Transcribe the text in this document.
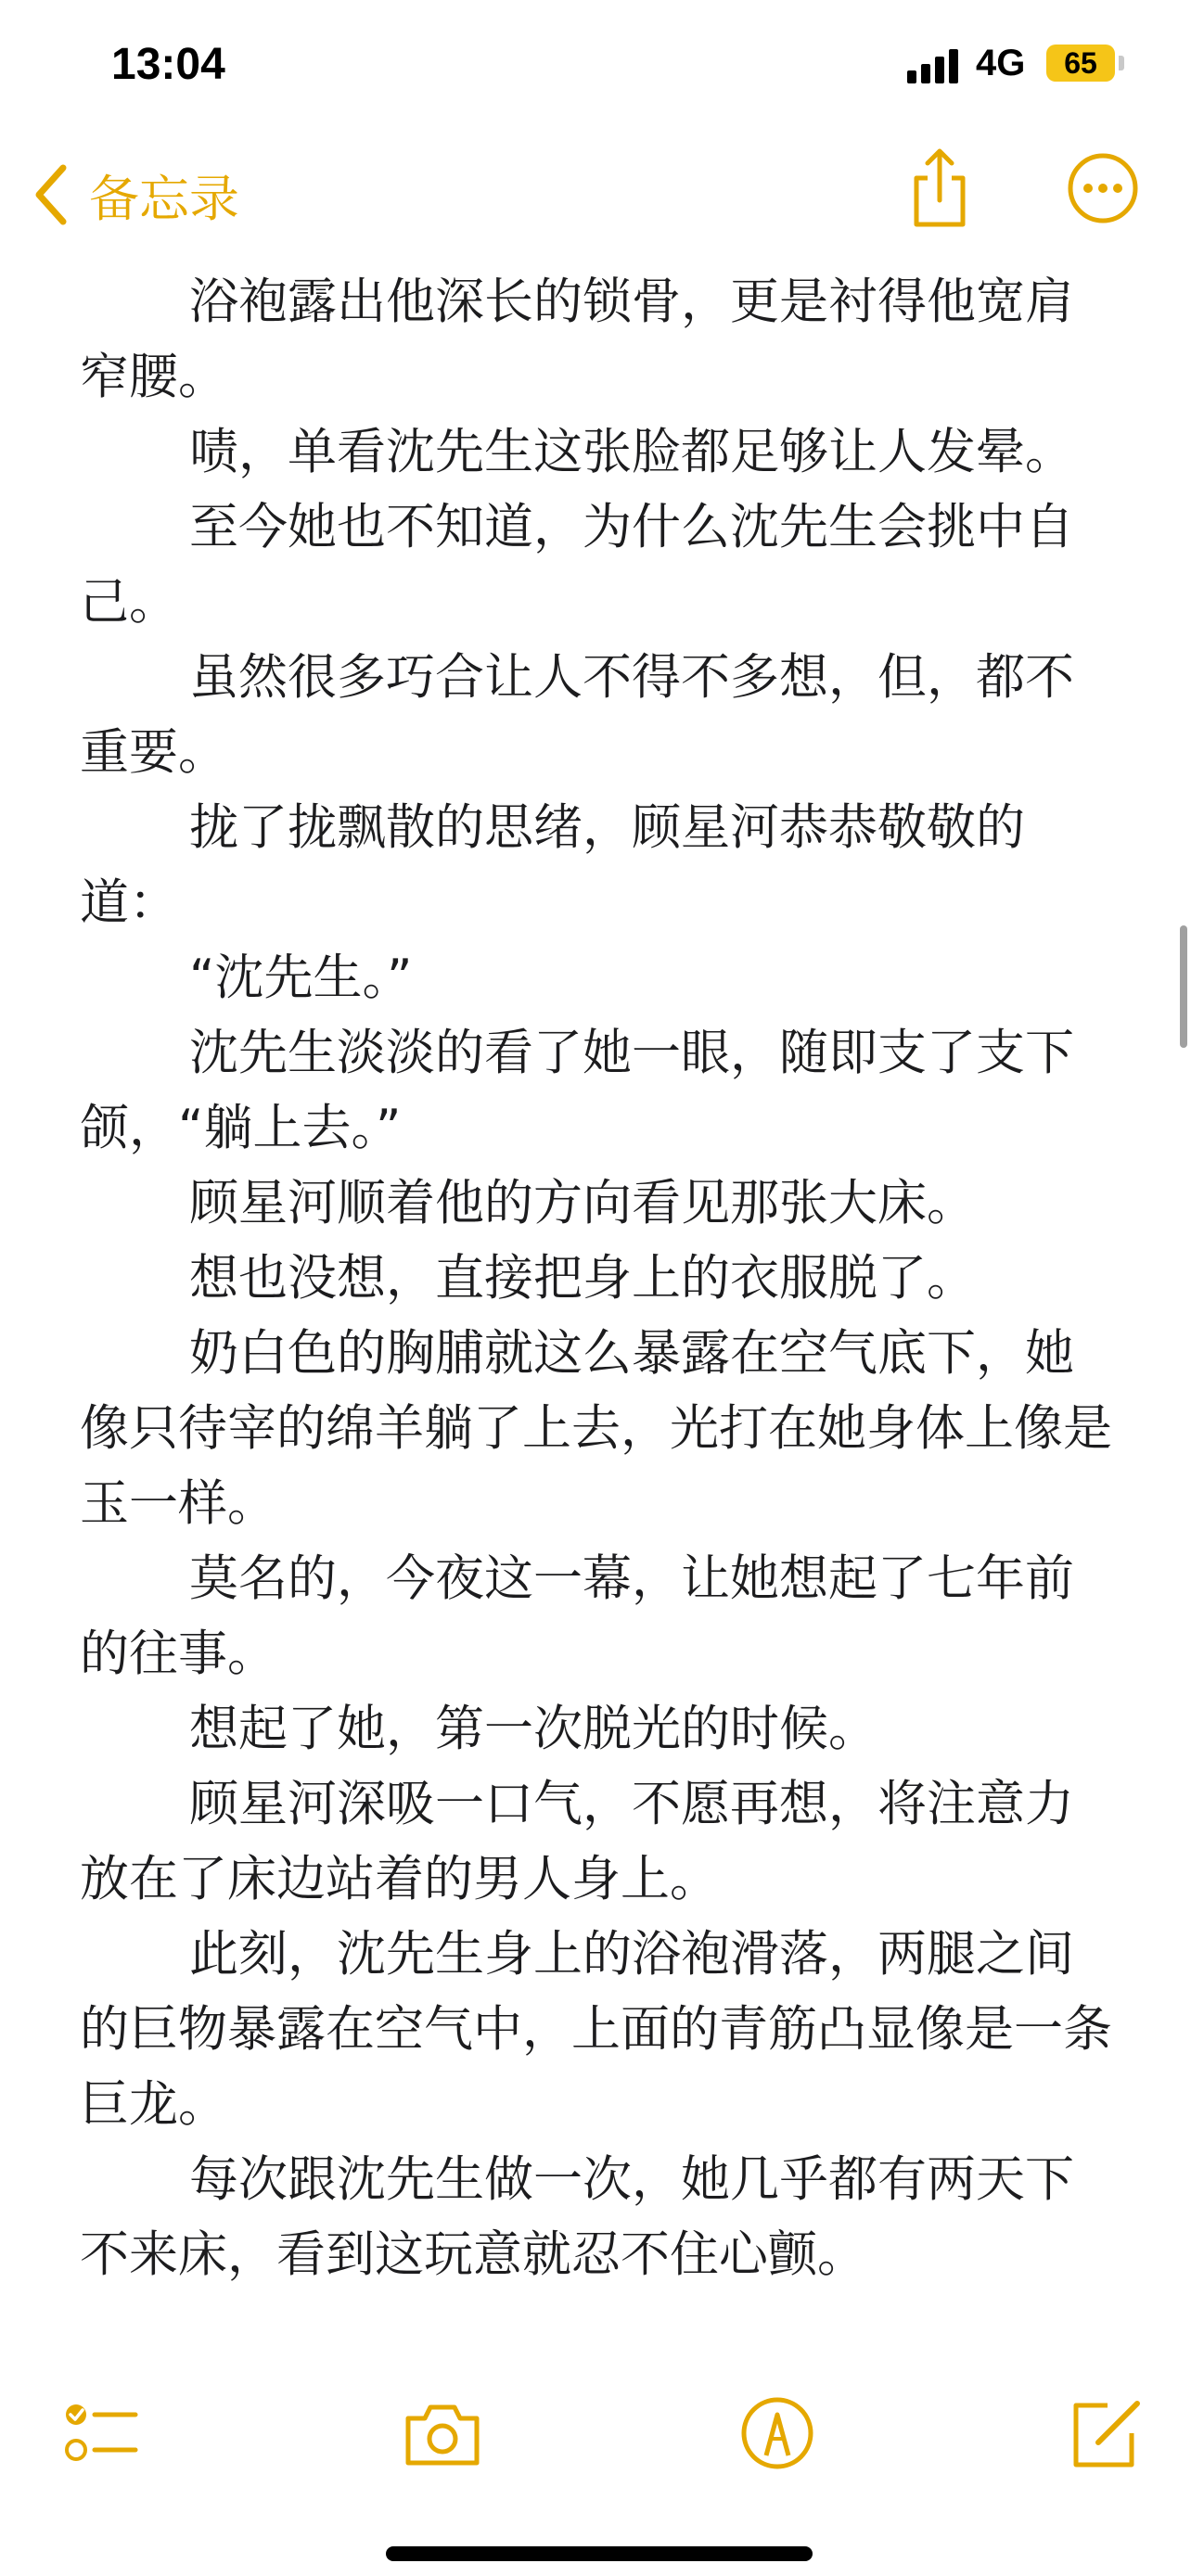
13:04	4G	65
备忘录

浴袍露出他深长的锁骨，更是衬得他宽肩窄腰。

啧，单看沈先生这张脸都足够让人发晕。

至今她也不知道，为什么沈先生会挑中自己。

虽然很多巧合让人不得不多想，但，都不重要。

拢了拢飘散的思绪，顾星河恭恭敬敬的道：

“沈先生。”

沈先生淡淡的看了她一眼，随即支了支下颌，“躺上去。”

顾星河顺着他的方向看见那张大床。

想也没想，直接把身上的衣服脱了。

奶白色的胸脯就这么暴露在空气底下，她像只待宰的绵羊躺了上去，光打在她身体上像是玉一样。

莫名的，今夜这一幕，让她想起了七年前的往事。

想起了她，第一次脱光的时候。

顾星河深吸一口气，不愿再想，将注意力放在了床边站着的男人身上。

此刻，沈先生身上的浴袍滑落，两腿之间的巨物暴露在空气中，上面的青筋凸显像是一条巨龙。

每次跟沈先生做一次，她几乎都有两天下不来床，看到这玩意就忍不住心颤。
